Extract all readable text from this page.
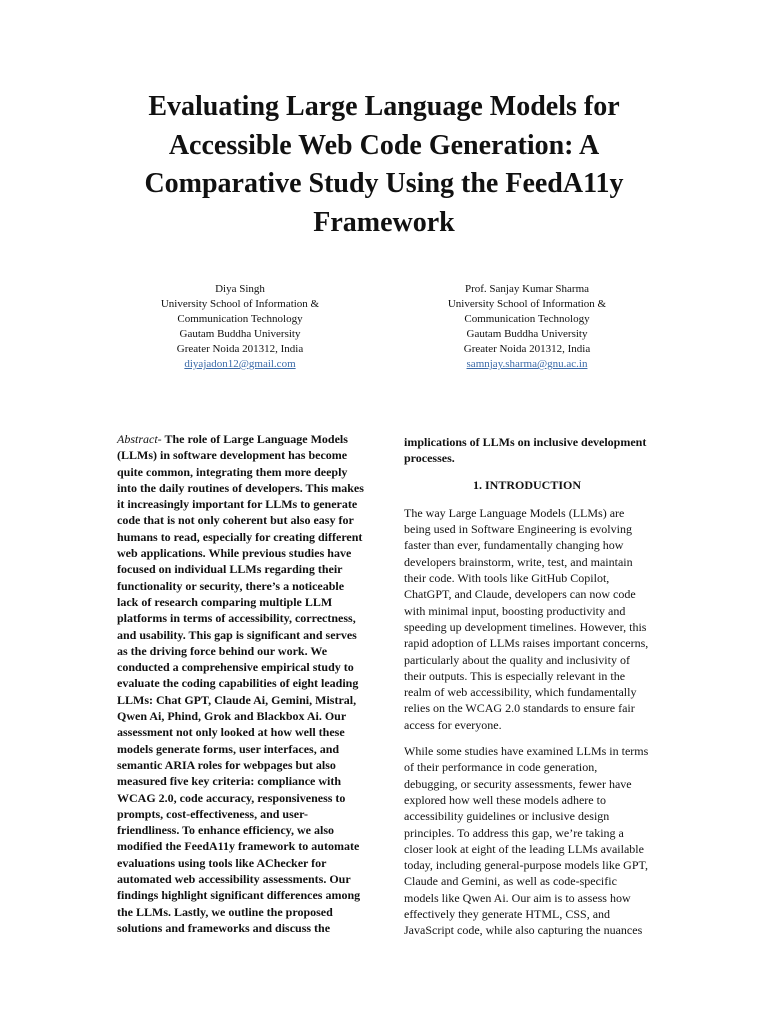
Evaluating Large Language Models for
Accessible Web Code Generation: A
Comparative Study Using the FeedA11y
Framework
Diya Singh
University School of Information &
Communication Technology
Gautam Buddha University
Greater Noida 201312, India
diyajadon12@gmail.com
Prof. Sanjay Kumar Sharma
University School of Information &
Communication Technology
Gautam Buddha University
Greater Noida 201312, India
samnjay.sharma@gnu.ac.in
Abstract- The role of Large Language Models
(LLMs) in software development has become
quite common, integrating them more deeply
into the daily routines of developers. This makes
it increasingly important for LLMs to generate
code that is not only coherent but also easy for
humans to read, especially for creating different
web applications. While previous studies have
focused on individual LLMs regarding their
functionality or security, there’s a noticeable
lack of research comparing multiple LLM
platforms in terms of accessibility, correctness,
and usability. This gap is significant and serves
as the driving force behind our work. We
conducted a comprehensive empirical study to
evaluate the coding capabilities of eight leading
LLMs: Chat GPT, Claude Ai, Gemini, Mistral,
Qwen Ai, Phind, Grok and Blackbox Ai. Our
assessment not only looked at how well these
models generate forms, user interfaces, and
semantic ARIA roles for webpages but also
measured five key criteria: compliance with
WCAG 2.0, code accuracy, responsiveness to
prompts, cost-effectiveness, and user-
friendliness. To enhance efficiency, we also
modified the FeedA11y framework to automate
evaluations using tools like AChecker for
automated web accessibility assessments. Our
findings highlight significant differences among
the LLMs. Lastly, we outline the proposed
solutions and frameworks and discuss the
implications of LLMs on inclusive development
processes.
1. INTRODUCTION
The way Large Language Models (LLMs) are
being used in Software Engineering is evolving
faster than ever, fundamentally changing how
developers brainstorm, write, test, and maintain
their code. With tools like GitHub Copilot,
ChatGPT, and Claude, developers can now code
with minimal input, boosting productivity and
speeding up development timelines. However, this
rapid adoption of LLMs raises important concerns,
particularly about the quality and inclusivity of
their outputs. This is especially relevant in the
realm of web accessibility, which fundamentally
relies on the WCAG 2.0 standards to ensure fair
access for everyone.
While some studies have examined LLMs in terms
of their performance in code generation,
debugging, or security assessments, fewer have
explored how well these models adhere to
accessibility guidelines or inclusive design
principles. To address this gap, we’re taking a
closer look at eight of the leading LLMs available
today, including general-purpose models like GPT,
Claude and Gemini, as well as code-specific
models like Qwen Ai. Our aim is to assess how
effectively they generate HTML, CSS, and
JavaScript code, while also capturing the nuances
